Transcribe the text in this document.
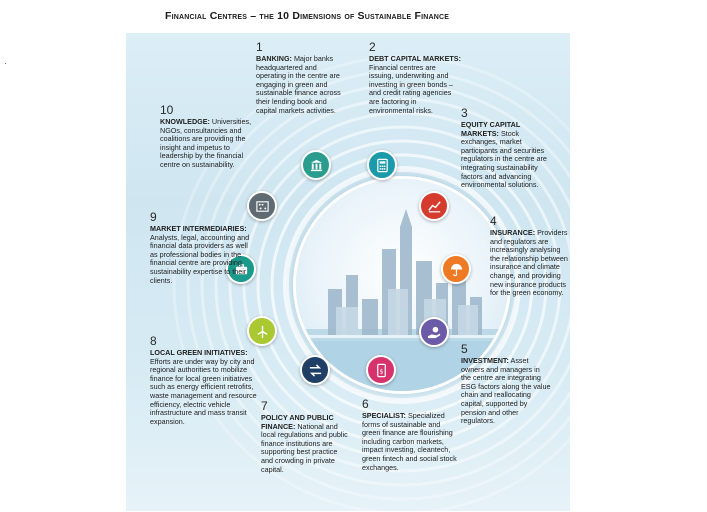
Financial Centres – the 10 Dimensions of Sustainable Finance
$
1
BANKING: Major banks headquartered and operating in the centre are engaging in green and sustainable finance across their lending book and capital markets activities.
2
DEBT CAPITAL MARKETS: Financial centres are issuing, underwriting and investing in green bonds – and credit rating agencies are factoring in environmental risks.	3
EQUITY CAPITAL MARKETS: Stock exchanges, market participants and securities regulators in the centre are integrating sustainability factors and advancing environmental solutions.
4
INSURANCE: Providers and regulators are increasingly analysing the relationship between insurance and climate change, and providing new insurance products for the green economy.
5
INVESTMENT: Asset owners and managers in the centre are integrating ESG factors along the value chain and reallocating capital, supported by pension and other regulators.
6
SPECIALIST: Specialized forms of sustainable and green finance are flourishing including carbon markets, impact investing, cleantech, green fintech and social stock exchanges.
7
POLICY AND PUBLIC FINANCE: National and local regulations and public finance institutions are supporting best practice and crowding in private capital.
8
LOCAL GREEN INITIATIVES: Efforts are under way by city and regional authorities to mobilize finance for local green initiatives such as energy efficient retrofits, waste management and resource efficiency, electric vehicle infrastructure and mass transit expansion.
9
MARKET INTERMEDIARIES: Analysts, legal, accounting and financial data providers as well as professional bodies in the financial centre are providing sustainability expertise to their clients.
10
KNOWLEDGE: Universities, NGOs, consultancies and coalitions are providing the insight and impetus to leadership by the financial centre on sustainability.
